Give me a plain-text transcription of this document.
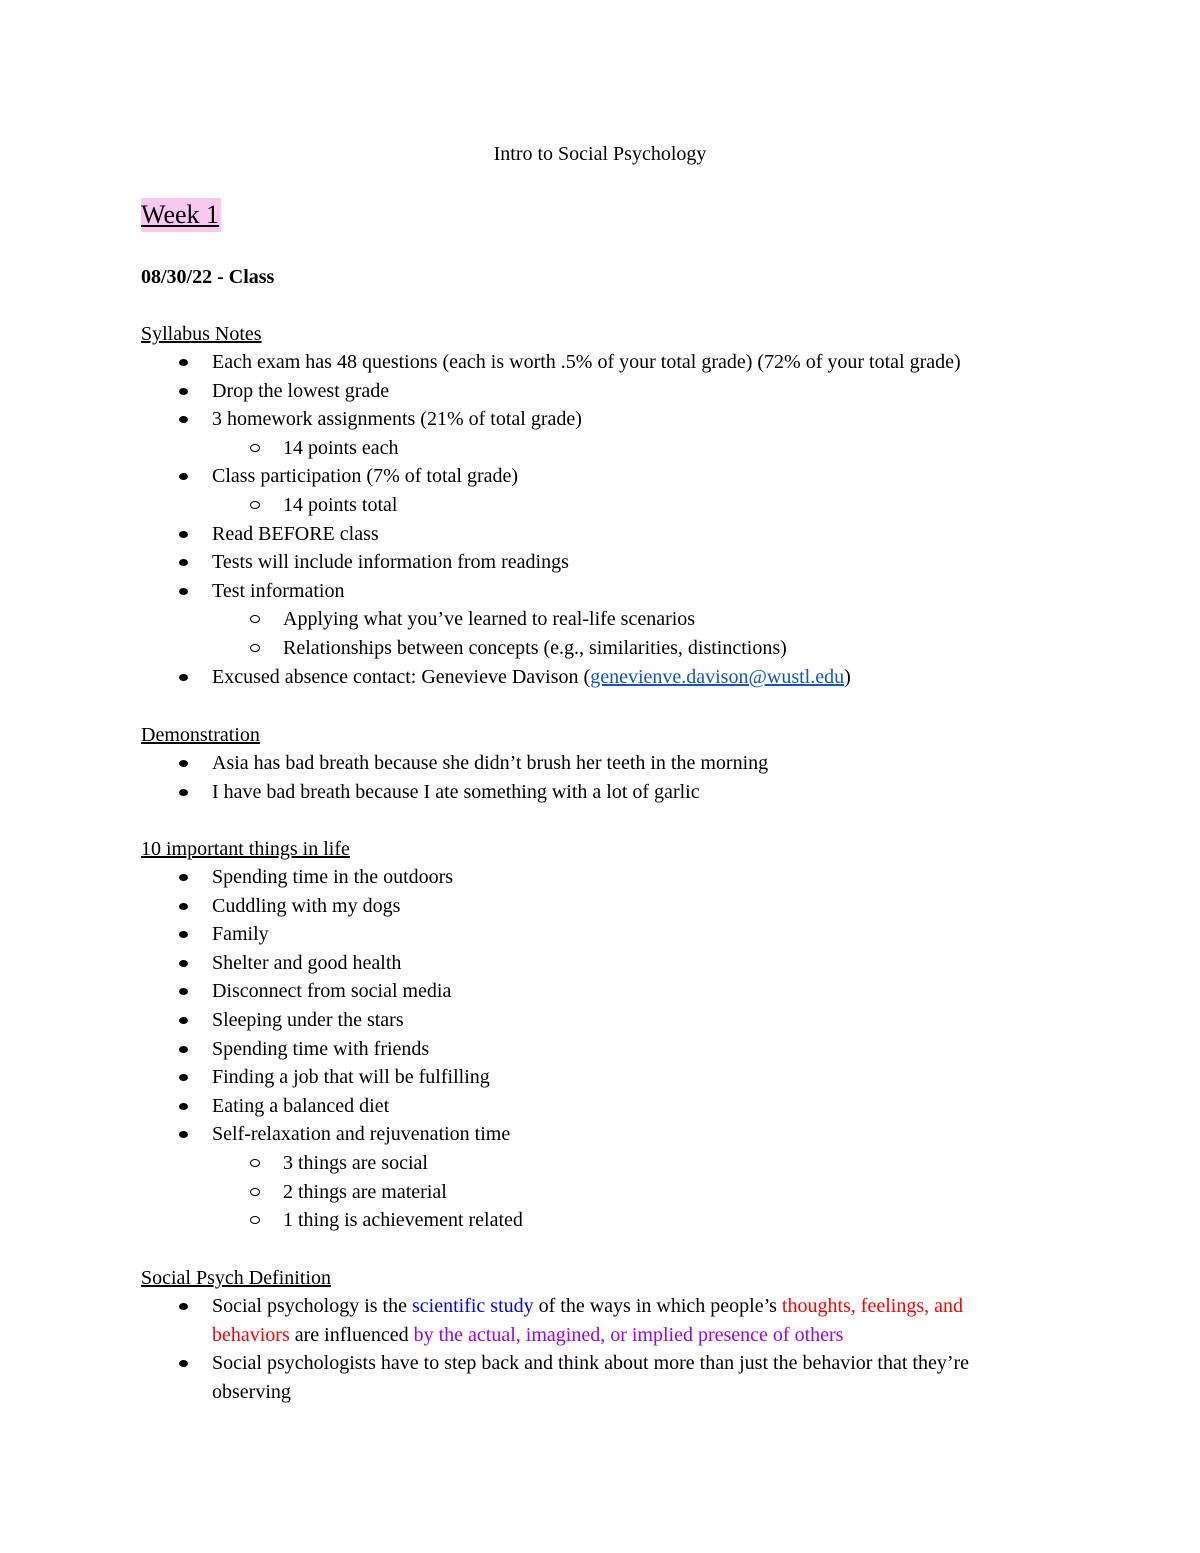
Intro to Social Psychology
Week 1
08/30/22 - Class
Syllabus Notes
Each exam has 48 questions (each is worth .5% of your total grade) (72% of your total grade)
Drop the lowest grade
3 homework assignments (21% of total grade)
14 points each
Class participation (7% of total grade)
14 points total
Read BEFORE class
Tests will include information from readings
Test information
Applying what you’ve learned to real-life scenarios
Relationships between concepts (e.g., similarities, distinctions)
Excused absence contact: Genevieve Davison (genevienve.davison@wustl.edu)
Demonstration
Asia has bad breath because she didn’t brush her teeth in the morning
I have bad breath because I ate something with a lot of garlic
10 important things in life
Spending time in the outdoors
Cuddling with my dogs
Family
Shelter and good health
Disconnect from social media
Sleeping under the stars
Spending time with friends
Finding a job that will be fulfilling
Eating a balanced diet
Self-relaxation and rejuvenation time
3 things are social
2 things are material
1 thing is achievement related
Social Psych Definition
Social psychology is the scientific study of the ways in which people’s thoughts, feelings, and behaviors are influenced by the actual, imagined, or implied presence of others
Social psychologists have to step back and think about more than just the behavior that they’re observing
